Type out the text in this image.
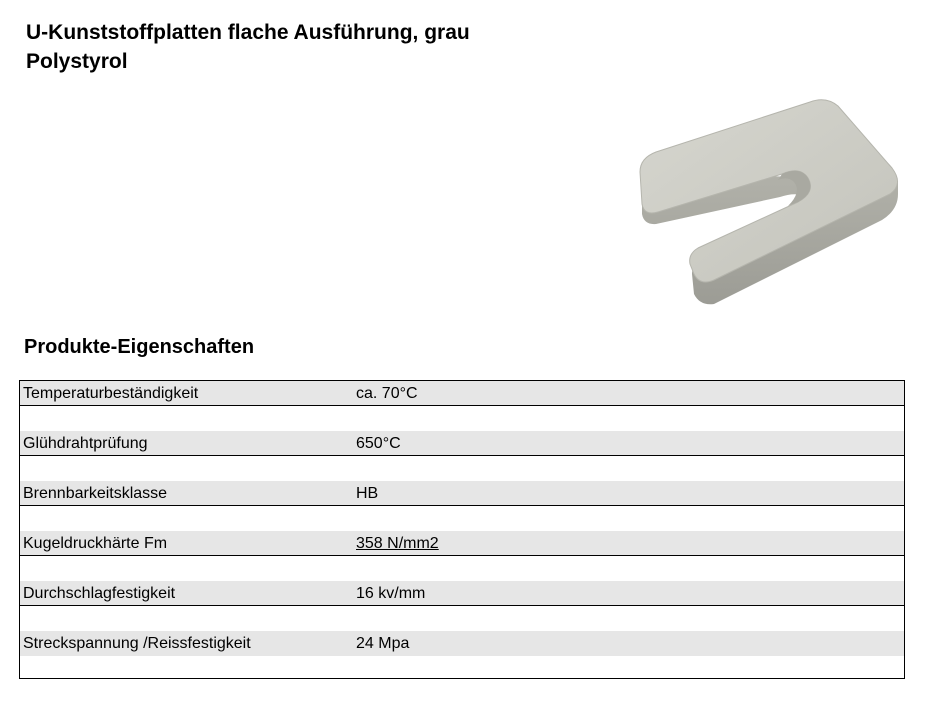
U-Kunststoffplatten flache Ausführung, grau
Polystyrol
Produkte-Eigenschaften
Temperaturbeständigkeit	ca. 70°C
Glühdrahtprüfung	650°C
Brennbarkeitsklasse	HB
Kugeldruckhärte Fm	358 N/mm2
Durchschlagfestigkeit	16 kv/mm
Streckspannung /Reissfestigkeit	24 Mpa
